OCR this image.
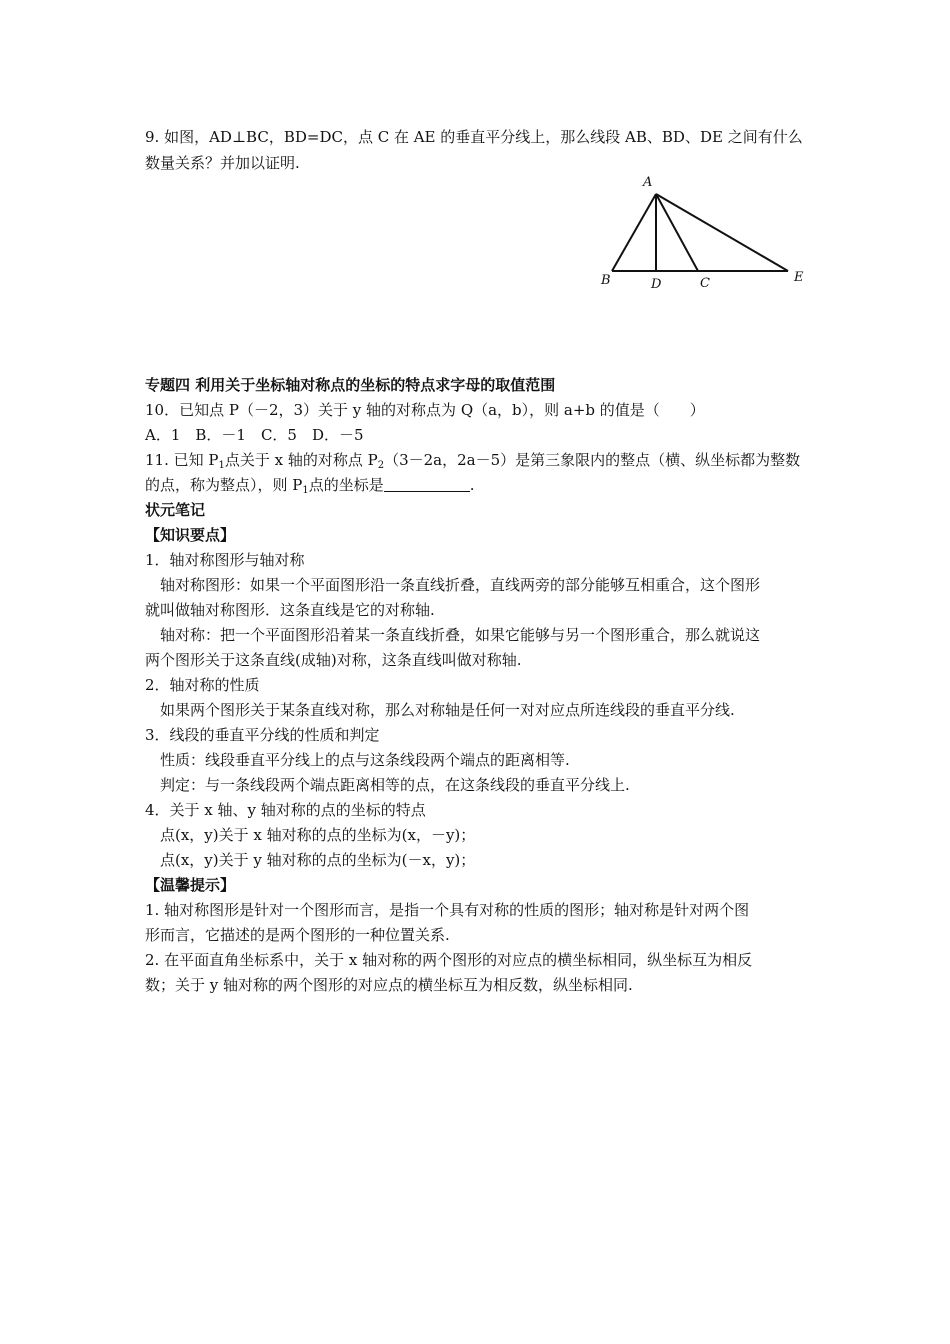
9. 如图，AD⊥BC，BD=DC，点 C 在 AE 的垂直平分线上，那么线段 AB、BD、DE 之间有什么
数量关系？并加以证明.
A
B	D	C	E
专题四 利用关于坐标轴对称点的坐标的特点求字母的取值范围
10．已知点 P（－2，3）关于 y 轴的对称点为 Q（a，b），则 a+b 的值是（　　）
A．1　B．－1　C．5　D．－5
11. 已知 $P_1$点关于 x 轴的对称点 $P_2(3-2a$，2a－5）是第三象限内的整点（横、纵坐标都为整数
的点，称为整点），则 $P_1$点的坐标是	.
状元笔记
【知识要点】
1．轴对称图形与轴对称
轴对称图形：如果一个平面图形沿一条直线折叠，直线两旁的部分能够互相重合，这个图形
就叫做轴对称图形．这条直线是它的对称轴.
轴对称：把一个平面图形沿着某一条直线折叠，如果它能够与另一个图形重合，那么就说这
两个图形关于这条直线(成轴)对称，这条直线叫做对称轴.
2．轴对称的性质
如果两个图形关于某条直线对称，那么对称轴是任何一对对应点所连线段的垂直平分线.
3．线段的垂直平分线的性质和判定
性质：线段垂直平分线上的点与这条线段两个端点的距离相等.
判定：与一条线段两个端点距离相等的点，在这条线段的垂直平分线上.
4．关于 x 轴、y 轴对称的点的坐标的特点
点(x，y)关于 x 轴对称的点的坐标为(x，－y)；
点(x，y)关于 y 轴对称的点的坐标为(－x，y)；
【温馨提示】
1. 轴对称图形是针对一个图形而言，是指一个具有对称的性质的图形；轴对称是针对两个图
形而言，它描述的是两个图形的一种位置关系.
2. 在平面直角坐标系中，关于 x 轴对称的两个图形的对应点的横坐标相同，纵坐标互为相反
数；关于 y 轴对称的两个图形的对应点的横坐标互为相反数，纵坐标相同.
